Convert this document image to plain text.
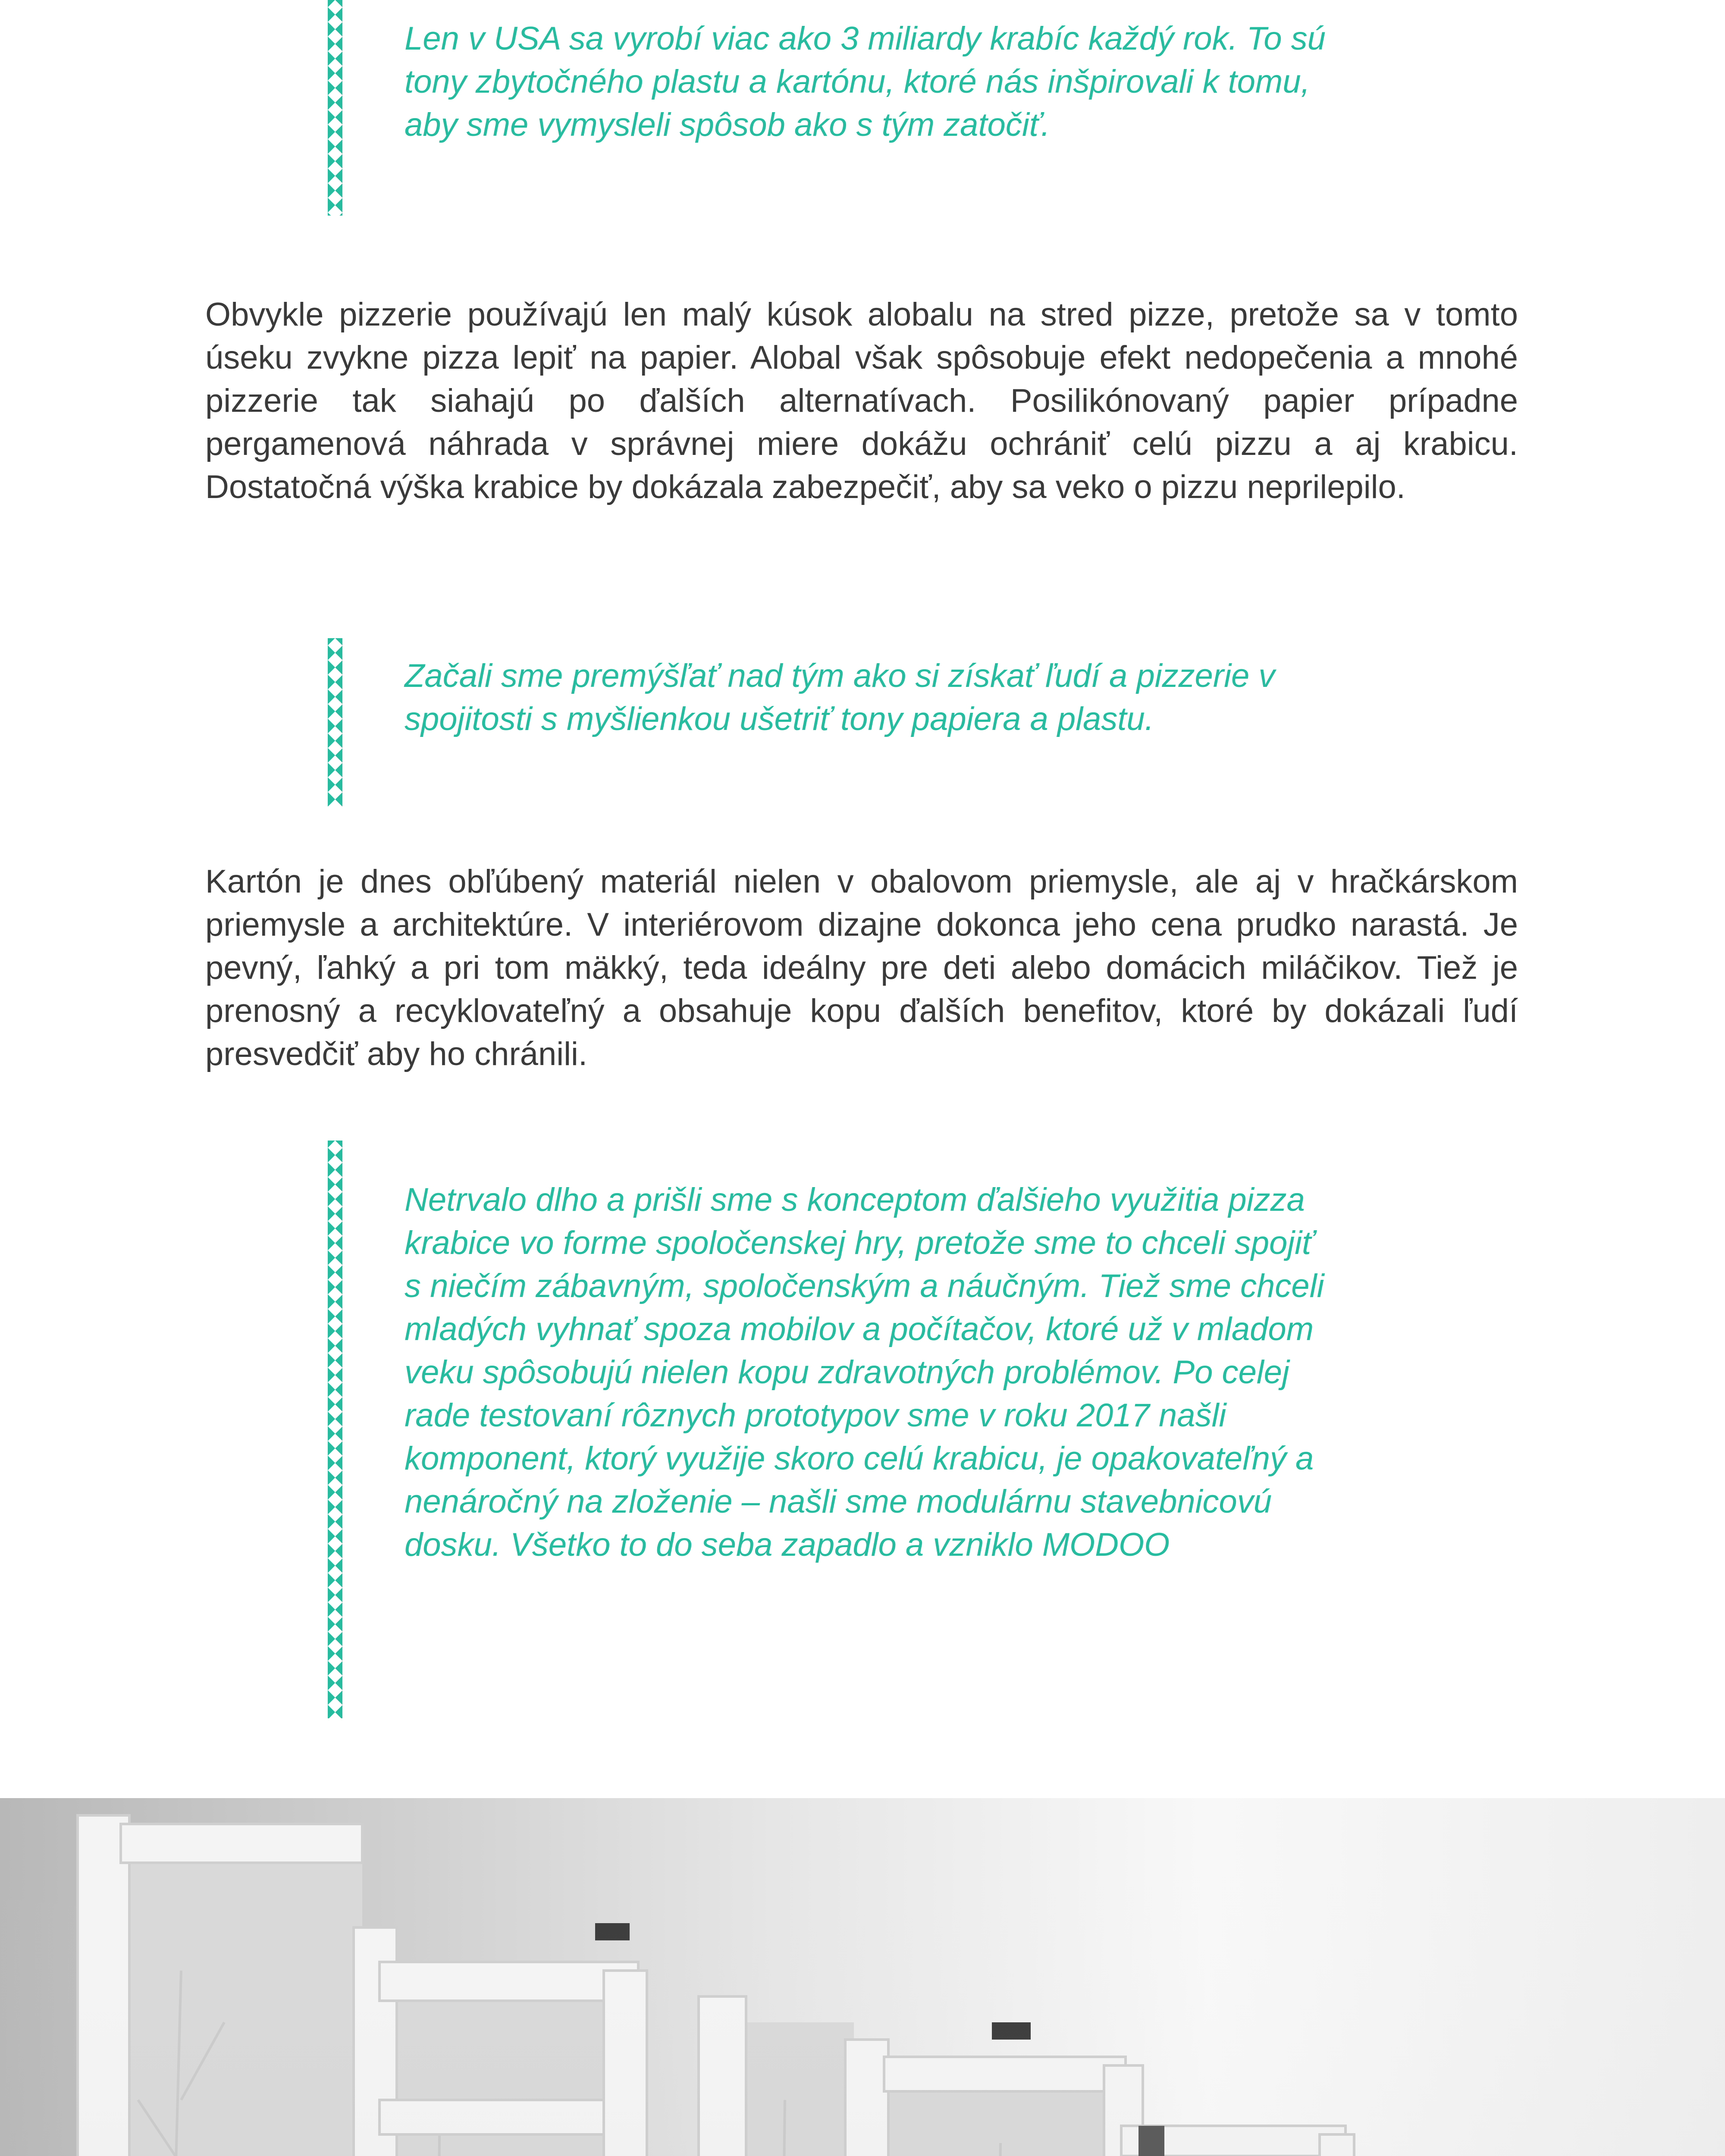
Len v USA sa vyrobí viac ako 3 miliardy krabíc každý rok. To sú tony zbytočného plastu a kartónu, ktoré nás inšpirovali k tomu, aby sme vymysleli spôsob ako s tým zatočiť.

Obvykle pizzerie používajú len malý kúsok alobalu na stred pizze, pretože sa v tomto úseku zvykne pizza lepiť na papier. Alobal však spôsobuje efekt nedopečenia a mnohé pizzerie tak siahajú po ďalších alternatívach. Posilikónovaný papier prípadne pergamenová náhrada v správnej miere dokážu ochrániť celú pizzu a aj krabicu. Dostatočná výška krabice by dokázala zabezpečiť, aby sa veko o pizzu neprilepilo.

Začali sme premýšľať nad tým ako si získať ľudí a pizzerie v spojitosti s myšlienkou ušetriť tony papiera a plastu.

Kartón je dnes obľúbený materiál nielen v obalovom priemysle, ale aj v hračkárskom priemysle a architektúre. V interiérovom dizajne dokonca jeho cena prudko narastá. Je pevný, ľahký a pri tom mäkký, teda ideálny pre deti alebo domácich miláčikov. Tiež je prenosný a recyklovateľný a obsahuje kopu ďalších benefitov, ktoré by dokázali ľudí presvedčiť aby ho chránili.

Netrvalo dlho a prišli sme s konceptom ďalšieho využitia pizza krabice vo forme spoločenskej hry, pretože sme to chceli spojiť s niečím zábavným, spoločenským a náučným. Tiež sme chceli mladých vyhnať spoza mobilov a počítačov, ktoré už v mladom veku spôsobujú nielen kopu zdravotných problémov. Po celej rade testovaní rôznych prototypov sme v roku 2017 našli komponent, ktorý využije skoro celú krabicu, je opakovateľný a nenáročný na zloženie – našli sme modulárnu stavebnicovú dosku. Všetko to do seba zapadlo a vzniklo MODOO
